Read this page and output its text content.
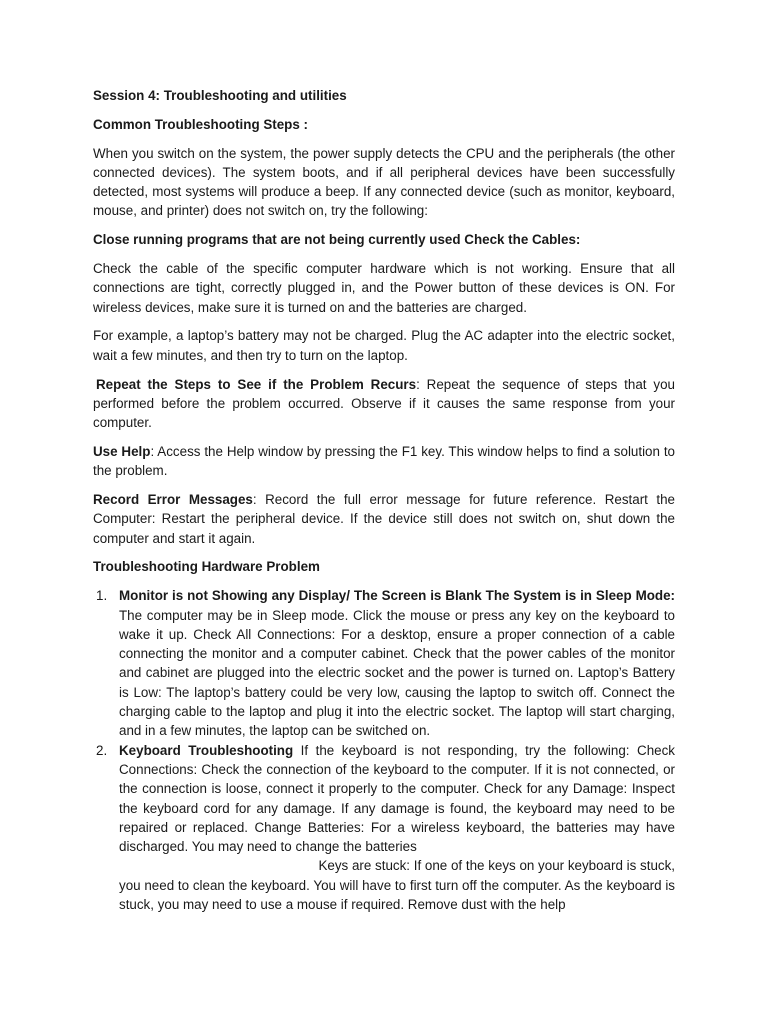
Session 4: Troubleshooting and utilities

Common Troubleshooting Steps :

When you switch on the system, the power supply detects the CPU and the peripherals (the other connected devices). The system boots, and if all peripheral devices have been successfully detected, most systems will produce a beep. If any connected device (such as monitor, keyboard, mouse, and printer) does not switch on, try the following:

Close running programs that are not being currently used Check the Cables:

Check the cable of the specific computer hardware which is not working. Ensure that all connections are tight, correctly plugged in, and the Power button of these devices is ON. For wireless devices, make sure it is turned on and the batteries are charged.

For example, a laptop’s battery may not be charged. Plug the AC adapter into the electric socket, wait a few minutes, and then try to turn on the laptop.

Repeat the Steps to See if the Problem Recurs: Repeat the sequence of steps that you performed before the problem occurred. Observe if it causes the same response from your computer.

Use Help: Access the Help window by pressing the F1 key. This window helps to find a solution to the problem.

Record Error Messages: Record the full error message for future reference. Restart the Computer: Restart the peripheral device. If the device still does not switch on, shut down the computer and start it again.

Troubleshooting Hardware Problem

1. Monitor is not Showing any Display/ The Screen is Blank The System is in Sleep Mode: The computer may be in Sleep mode. Click the mouse or press any key on the keyboard to wake it up. Check All Connections: For a desktop, ensure a proper connection of a cable connecting the monitor and a computer cabinet. Check that the power cables of the monitor and cabinet are plugged into the electric socket and the power is turned on. Laptop’s Battery is Low: The laptop’s battery could be very low, causing the laptop to switch off. Connect the charging cable to the laptop and plug it into the electric socket. The laptop will start charging, and in a few minutes, the laptop can be switched on.
2. Keyboard Troubleshooting If the keyboard is not responding, try the following: Check Connections: Check the connection of the keyboard to the computer. If it is not connected, or the connection is loose, connect it properly to the computer. Check for any Damage: Inspect the keyboard cord for any damage. If any damage is found, the keyboard may need to be repaired or replaced. Change Batteries: For a wireless keyboard, the batteries may have discharged. You may need to change the batteries
Keys are stuck: If one of the keys on your keyboard is stuck,
you need to clean the keyboard. You will have to first turn off the computer. As the keyboard is stuck, you may need to use a mouse if required. Remove dust with the help
